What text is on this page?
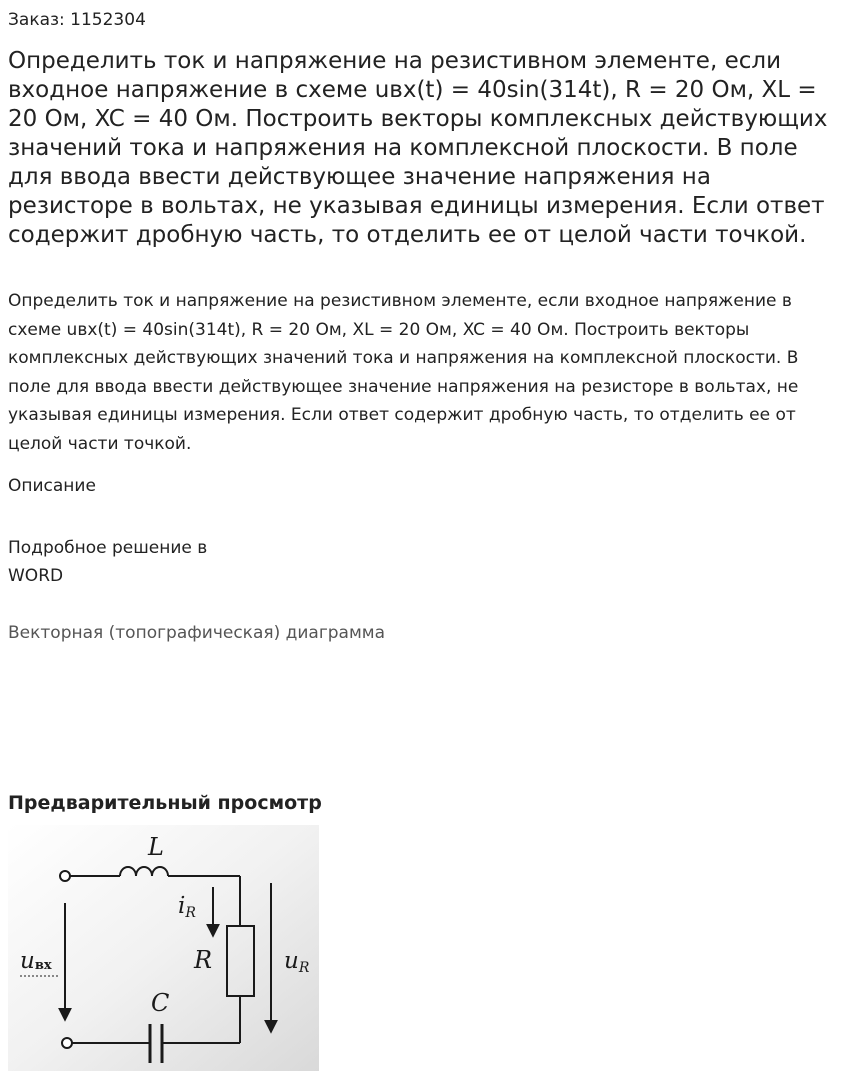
Заказ: 1152304
Определить ток и напряжение на резистивном элементе, если входное напряжение в схеме uвх(t) = 40sin(314t), R = 20 Ом, XL = 20 Ом, XC = 40 Ом. Построить векторы комплексных действующих значений тока и напряжения на комплексной плоскости. В поле для ввода ввести действующее значение напряжения на резисторе в вольтах, не указывая единицы измерения. Если ответ содержит дробную часть, то отделить ее от целой части точкой.

Определить ток и напряжение на резистивном элементе, если входное напряжение в схеме uвх(t) = 40sin(314t), R = 20 Ом, XL = 20 Ом, XC = 40 Ом. Построить векторы комплексных действующих значений тока и напряжения на комплексной плоскости. В поле для ввода ввести действующее значение напряжения на резисторе в вольтах, не указывая единицы измерения. Если ответ содержит дробную часть, то отделить ее от целой части точкой.

Описание
Подробное решение в WORD
Векторная (топографическая) диаграмма
Предварительный просмотр
L
R
iR
C
uвх	uR
